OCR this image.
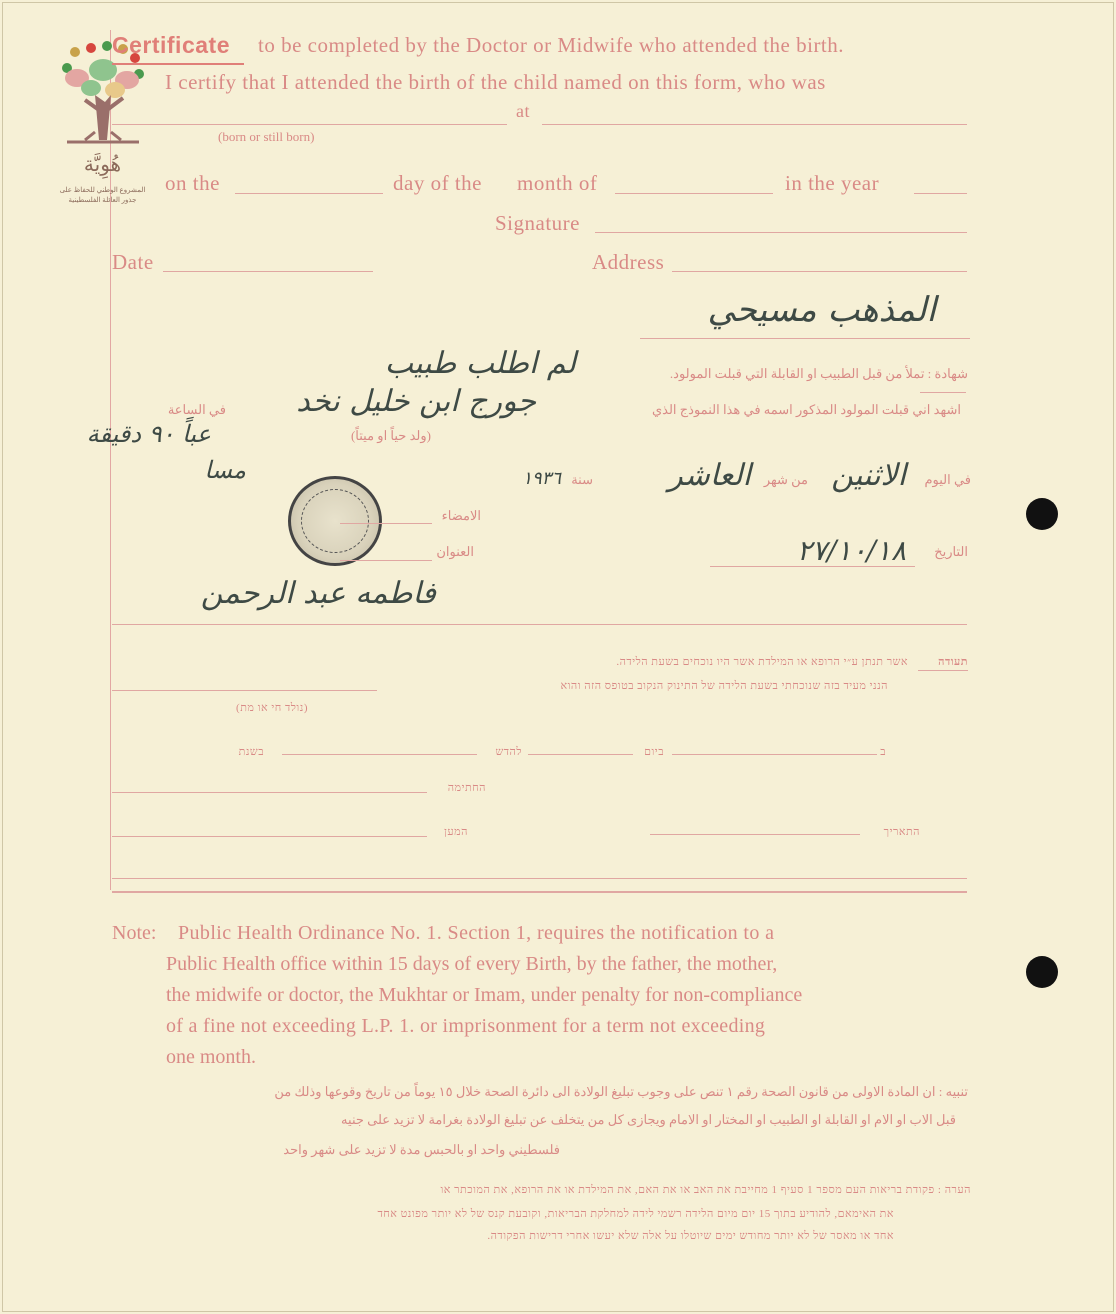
هُوِيَّة
المشروع الوطني للحفاظ على
جذور العائلة الفلسطينية
Certificate to be completed by the Doctor or Midwife who attended the birth.
I certify that I attended the birth of the child named on this form, who was
at
(born or still born)
on the	day of the month of	in the year
Signature
Date	Address
المذهب مسيحي
شهادة : تملأ من قبل الطبيب او القابلة التي قبلت المولود.
لم اطلب طبيب
اشهد اني قبلت المولود المذكور اسمه في هذا النموذج الذي
جورج ابن خليل نخد
في الساعة
عباً ٩٠ دقيقة
مسا
(ولد حياً او ميتاً)
في اليوم
الاثنين
من شهر
العاشر
سنة
١٩٣٦
الامضاء
العنوان	التاريخ
٢٧/١٠/١٨
فاطمه عبد الرحمن
תעודה
אשר תנתן ע״י הרופא או המילדת אשר היו נוכחים בשעת הלידה.
הנני מעיד בזה שנוכחתי בשעת הלידה של התינוק הנקוב בטופס הזה והוא
(נולד חי או מת)
ב
ביום
להדש
בשנת
החתימה
המען	התאריך
Note: Public Health Ordinance No. 1. Section 1, requires the notification to a
Public Health office within 15 days of every Birth, by the father, the mother,
the midwife or doctor, the Mukhtar or Imam, under penalty for non-compliance
of a fine not exceeding L.P. 1. or imprisonment for a term not exceeding
one month.
تنبيه : ان المادة الاولى من قانون الصحة رقم ١ تنص على وجوب تبليغ الولادة الى دائرة الصحة خلال ١٥ يوماً من تاريخ وقوعها وذلك من
قبل الاب او الام او القابلة او الطبيب او المختار او الامام ويجازى كل من يتخلف عن تبليغ الولادة بغرامة لا تزيد على جنيه
فلسطيني واحد او بالحبس مدة لا تزيد على شهر واحد
הערה : פקודת בריאות העם מספר 1 סעיף 1 מחייבת את האב או את האם, את המילדת או את הרופא, את המוכתר או
את האימאם, להודיע בתוך 15 יום מיום הלידה רשמי לידה למחלקת הבריאות, וקובעת קנס של לא יותר מפונט אחד
אחד או מאסר של לא יותר מחודש ימים שיוטלו על אלה שלא יעשו אחרי דרישות הפקודה.
